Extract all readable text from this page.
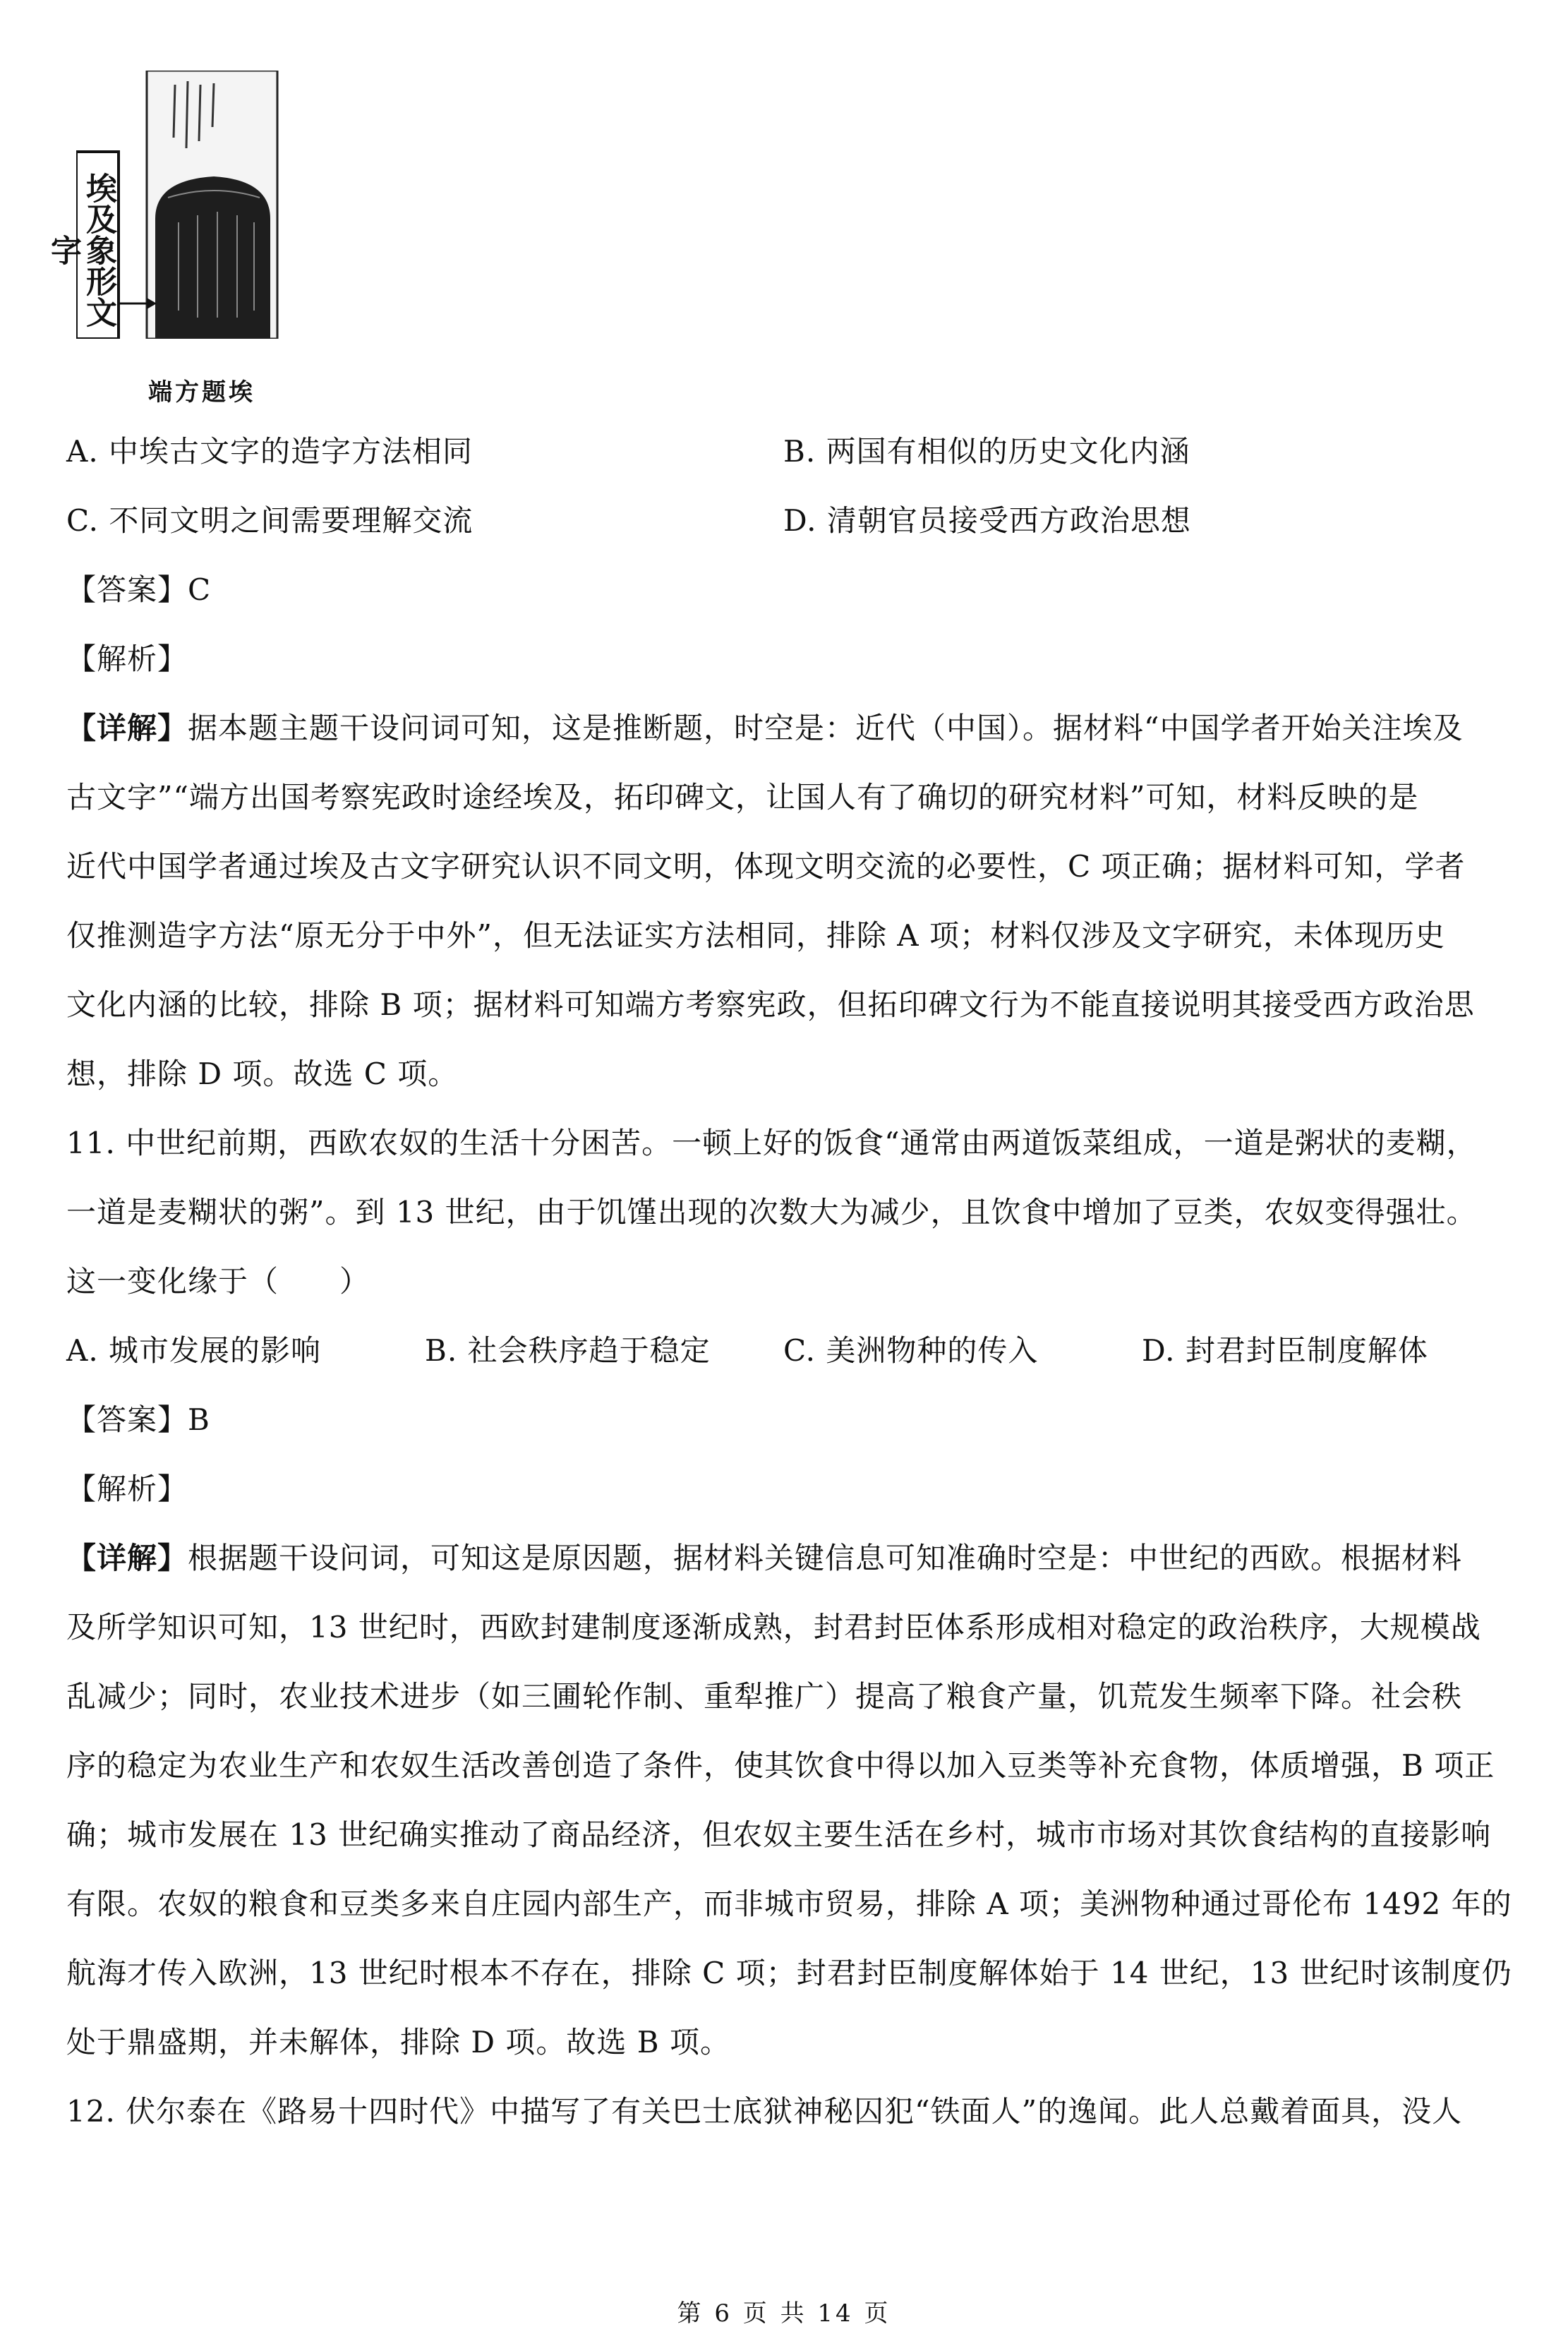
埃及象形文字
端方题埃
A. 中埃古文字的造字方法相同	B. 两国有相似的历史文化内涵
C. 不同文明之间需要理解交流	D. 清朝官员接受西方政治思想
【答案】C
【解析】
【详解】据本题主题干设问词可知，这是推断题，时空是：近代（中国）。据材料“中国学者开始关注埃及
古文字”“端方出国考察宪政时途经埃及，拓印碑文，让国人有了确切的研究材料”可知，材料反映的是
近代中国学者通过埃及古文字研究认识不同文明，体现文明交流的必要性，C 项正确；据材料可知，学者
仅推测造字方法“原无分于中外”，但无法证实方法相同，排除 A 项；材料仅涉及文字研究，未体现历史
文化内涵的比较，排除 B 项；据材料可知端方考察宪政，但拓印碑文行为不能直接说明其接受西方政治思
想，排除 D 项。故选 C 项。
11. 中世纪前期，西欧农奴的生活十分困苦。一顿上好的饭食“通常由两道饭菜组成，一道是粥状的麦糊，
一道是麦糊状的粥”。到 13 世纪，由于饥馑出现的次数大为减少，且饮食中增加了豆类，农奴变得强壮。
这一变化缘于（　　）
A. 城市发展的影响	B. 社会秩序趋于稳定 C. 美洲物种的传入	D. 封君封臣制度解体
【答案】B
【解析】
【详解】根据题干设问词，可知这是原因题，据材料关键信息可知准确时空是：中世纪的西欧。根据材料
及所学知识可知，13 世纪时，西欧封建制度逐渐成熟，封君封臣体系形成相对稳定的政治秩序，大规模战
乱减少；同时，农业技术进步（如三圃轮作制、重犁推广）提高了粮食产量，饥荒发生频率下降。社会秩
序的稳定为农业生产和农奴生活改善创造了条件，使其饮食中得以加入豆类等补充食物，体质增强，B 项正
确；城市发展在 13 世纪确实推动了商品经济，但农奴主要生活在乡村，城市市场对其饮食结构的直接影响
有限。农奴的粮食和豆类多来自庄园内部生产，而非城市贸易，排除 A 项；美洲物种通过哥伦布 1492 年的
航海才传入欧洲，13 世纪时根本不存在，排除 C 项；封君封臣制度解体始于 14 世纪，13 世纪时该制度仍
处于鼎盛期，并未解体，排除 D 项。故选 B 项。
12. 伏尔泰在《路易十四时代》中描写了有关巴士底狱神秘囚犯“铁面人”的逸闻。此人总戴着面具，没人
第 6 页 共 14 页
